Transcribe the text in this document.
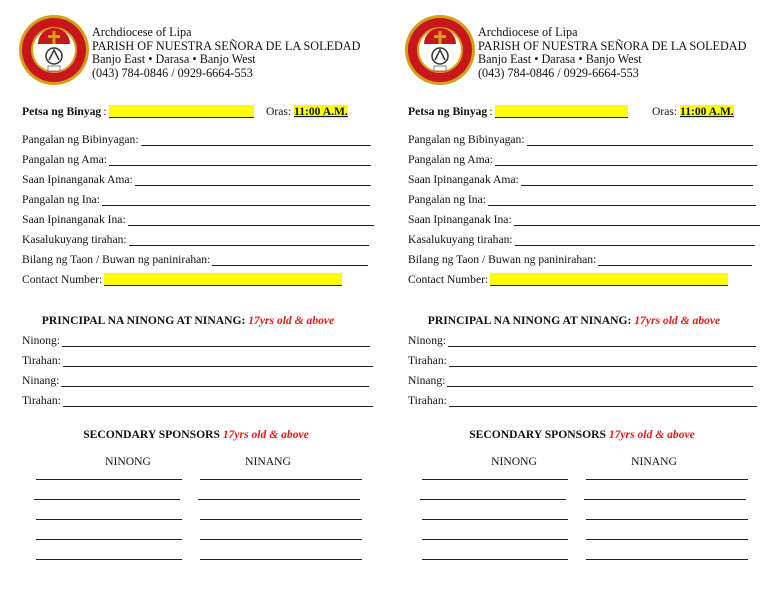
Archdiocese of Lipa
PARISH OF NUESTRA SEÑORA DE LA SOLEDAD
Banjo East • Darasa • Banjo West
(043) 784-0846 / 0929-6664-553
Petsa ng Binyag :	Oras: 11:00 A.M.
Pangalan ng Bibinyagan:
Pangalan ng Ama:
Saan Ipinanganak Ama:
Pangalan ng Ina:
Saan Ipinanganak Ina:
Kasalukuyang tirahan:
Bilang ng Taon / Buwan ng paninirahan:
Contact Number:
PRINCIPAL NA NINONG AT NINANG: 17yrs old & above
Ninong:
Tirahan:
Ninang:
Tirahan:
SECONDARY SPONSORS 17yrs old & above
NINONG	NINANG
Archdiocese of Lipa
PARISH OF NUESTRA SEÑORA DE LA SOLEDAD
Banjo East • Darasa • Banjo West
(043) 784-0846 / 0929-6664-553
Petsa ng Binyag :	Oras: 11:00 A.M.
Pangalan ng Bibinyagan:
Pangalan ng Ama:
Saan Ipinanganak Ama:
Pangalan ng Ina:
Saan Ipinanganak Ina:
Kasalukuyang tirahan:
Bilang ng Taon / Buwan ng paninirahan:
Contact Number:
PRINCIPAL NA NINONG AT NINANG: 17yrs old & above
Ninong:
Tirahan:
Ninang:
Tirahan:
SECONDARY SPONSORS 17yrs old & above
NINONG	NINANG
